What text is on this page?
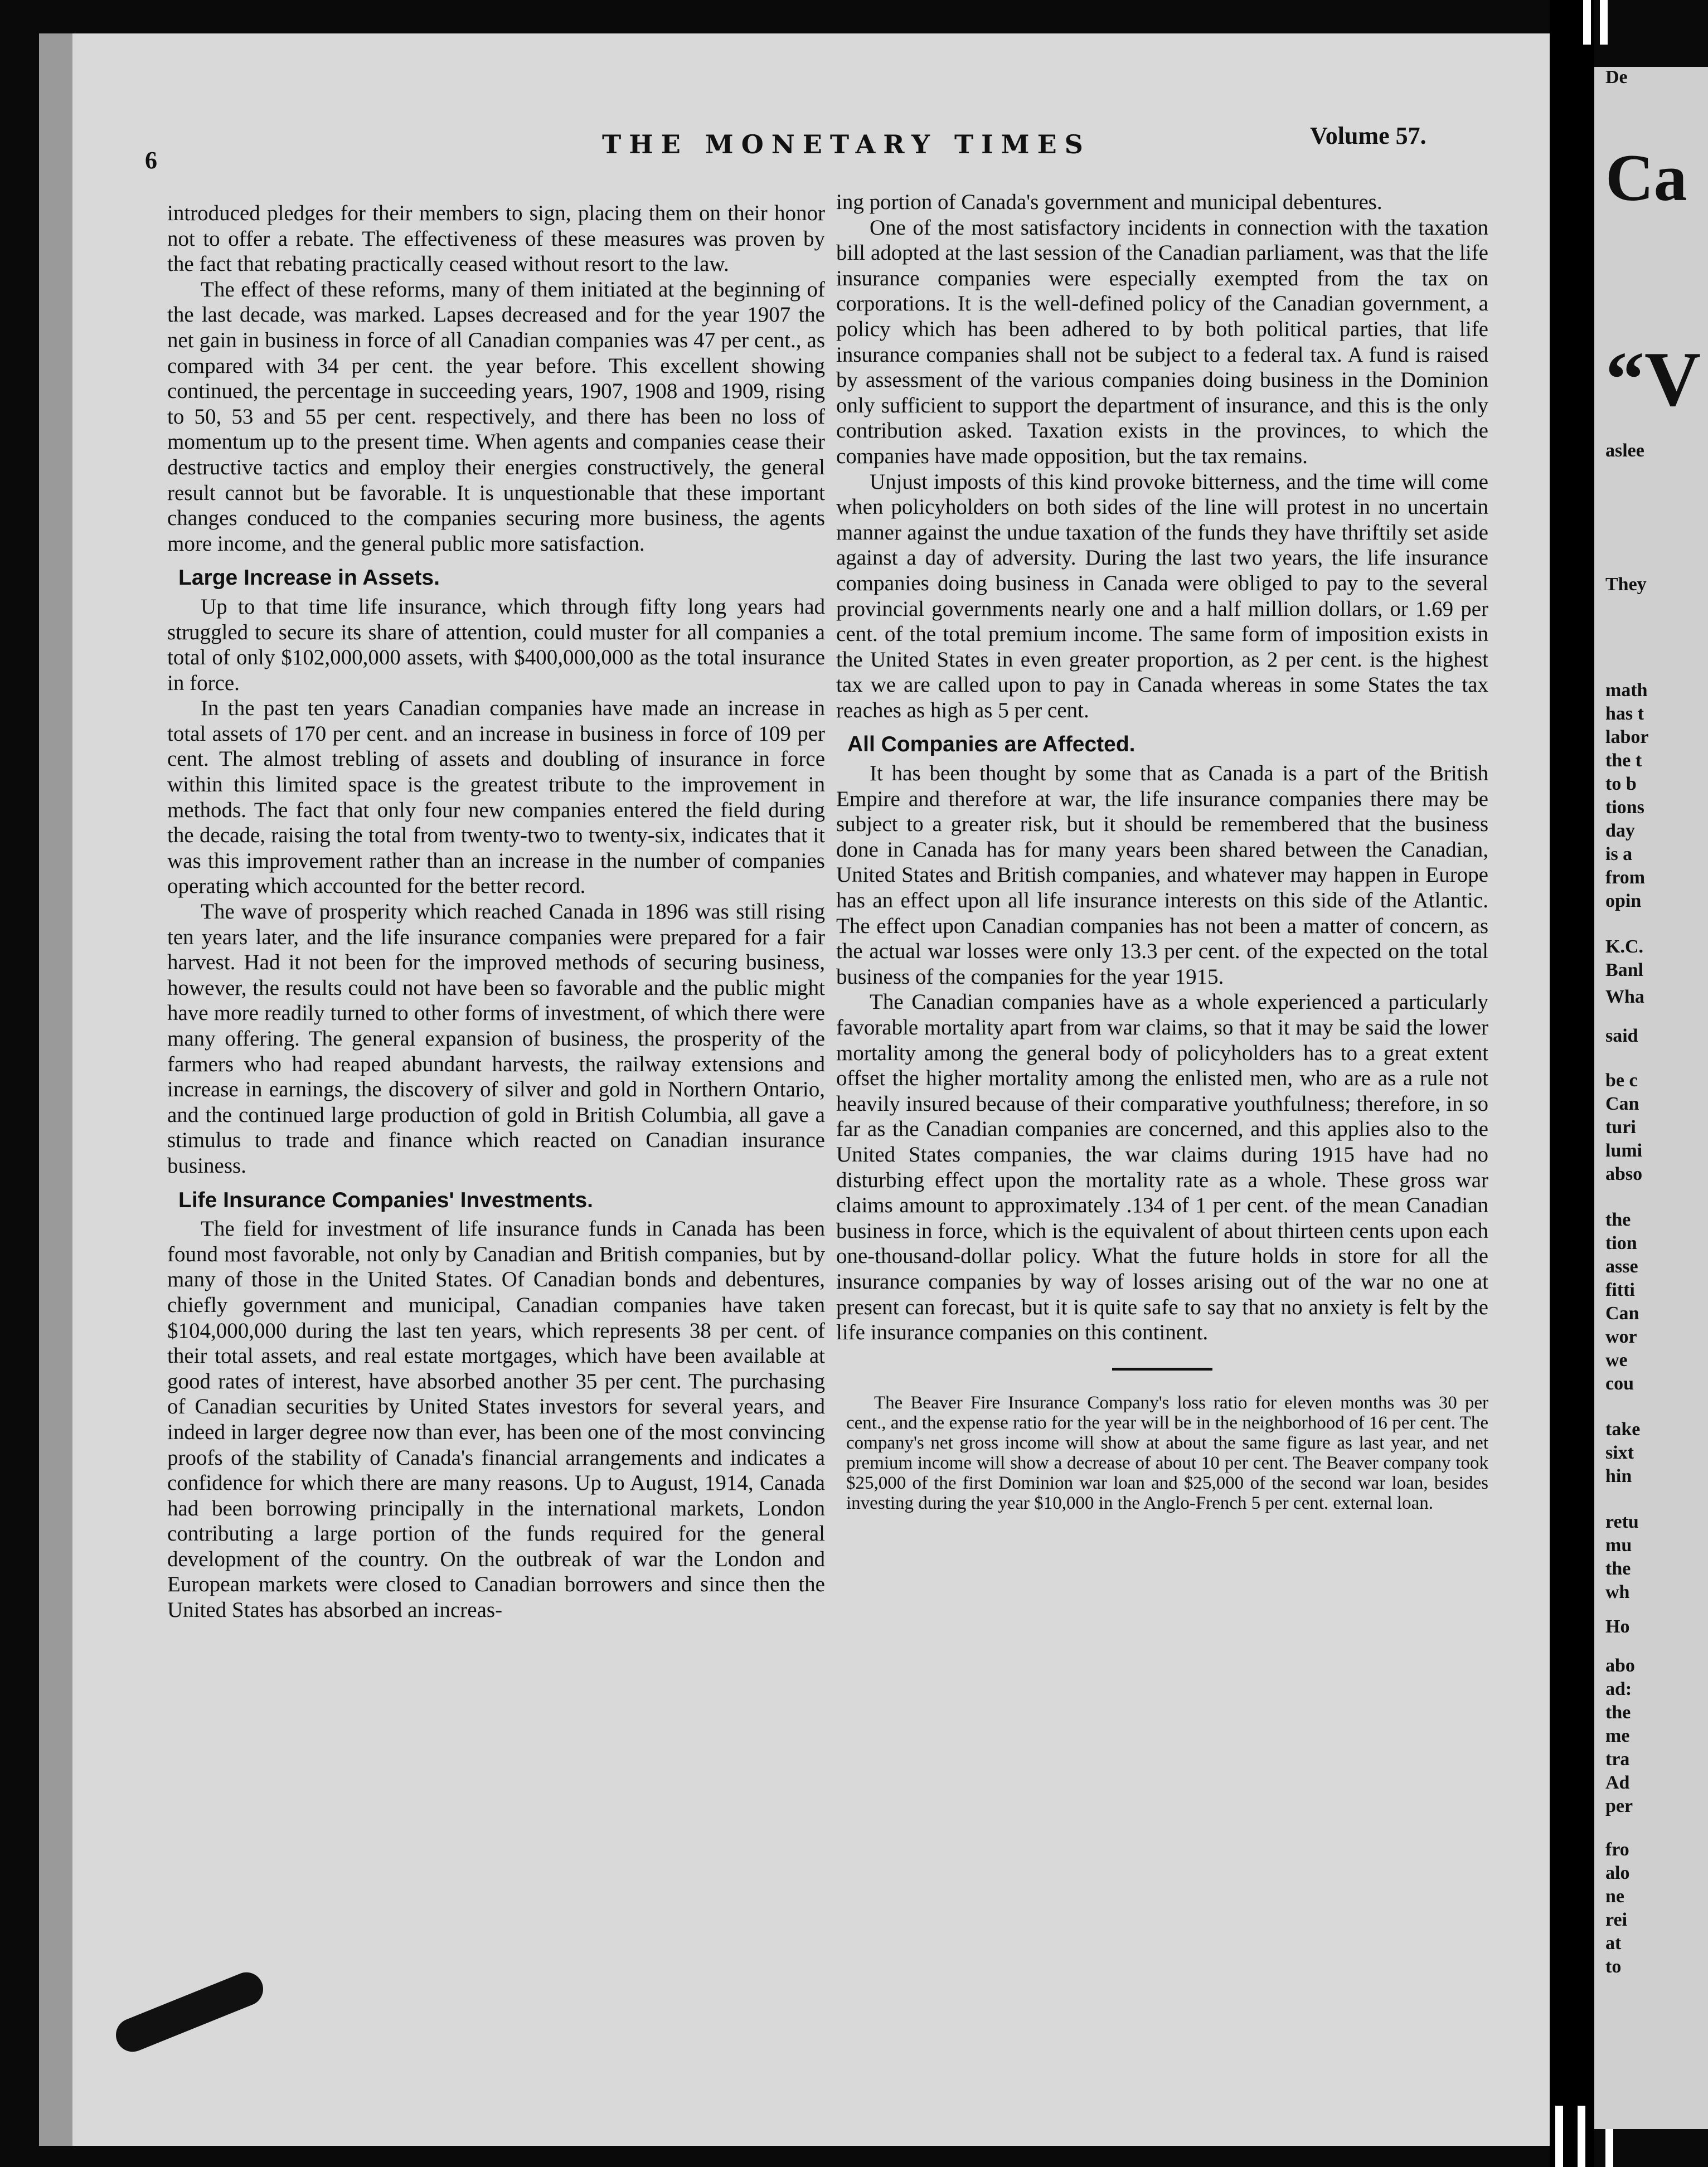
6
THE MONETARY TIMES	Volume 57.

introduced pledges for their members to sign, placing them on their honor not to offer a rebate. The effectiveness of these measures was proven by the fact that rebating practically ceased without resort to the law.

The effect of these reforms, many of them initiated at the beginning of the last decade, was marked. Lapses decreased and for the year 1907 the net gain in business in force of all Canadian companies was 47 per cent., as compared with 34 per cent. the year before. This excellent showing continued, the percentage in succeeding years, 1907, 1908 and 1909, rising to 50, 53 and 55 per cent. respectively, and there has been no loss of momentum up to the present time. When agents and companies cease their destructive tactics and employ their energies constructively, the general result cannot but be favorable. It is unquestionable that these important changes conduced to the companies securing more business, the agents more income, and the general public more satisfaction.

Large Increase in Assets.

Up to that time life insurance, which through fifty long years had struggled to secure its share of attention, could muster for all companies a total of only $102,000,000 assets, with $400,000,000 as the total insurance in force.

In the past ten years Canadian companies have made an increase in total assets of 170 per cent. and an increase in business in force of 109 per cent. The almost trebling of assets and doubling of insurance in force within this limited space is the greatest tribute to the improvement in methods. The fact that only four new companies entered the field during the decade, raising the total from twenty-two to twenty-six, indicates that it was this improvement rather than an increase in the number of companies operating which accounted for the better record.

The wave of prosperity which reached Canada in 1896 was still rising ten years later, and the life insurance companies were prepared for a fair harvest. Had it not been for the improved methods of securing business, however, the results could not have been so favorable and the public might have more readily turned to other forms of investment, of which there were many offering. The general expansion of business, the prosperity of the farmers who had reaped abundant harvests, the railway extensions and increase in earnings, the discovery of silver and gold in Northern Ontario, and the continued large production of gold in British Columbia, all gave a stimulus to trade and finance which reacted on Canadian insurance business.

Life Insurance Companies' Investments.

The field for investment of life insurance funds in Canada has been found most favorable, not only by Canadian and British companies, but by many of those in the United States. Of Canadian bonds and debentures, chiefly government and municipal, Canadian companies have taken $104,000,000 during the last ten years, which represents 38 per cent. of their total assets, and real estate mortgages, which have been available at good rates of interest, have absorbed another 35 per cent. The purchasing of Canadian securities by United States investors for several years, and indeed in larger degree now than ever, has been one of the most convincing proofs of the stability of Canada's financial arrangements and indicates a confidence for which there are many reasons. Up to August, 1914, Canada had been borrowing principally in the international markets, London contributing a large portion of the funds required for the general development of the country. On the outbreak of war the London and European markets were closed to Canadian borrowers and since then the United States has absorbed an increas-

ing portion of Canada's government and municipal debentures.

One of the most satisfactory incidents in connection with the taxation bill adopted at the last session of the Canadian parliament, was that the life insurance companies were especially exempted from the tax on corporations. It is the well-defined policy of the Canadian government, a policy which has been adhered to by both political parties, that life insurance companies shall not be subject to a federal tax. A fund is raised by assessment of the various companies doing business in the Dominion only sufficient to support the department of insurance, and this is the only contribution asked. Taxation exists in the provinces, to which the companies have made opposition, but the tax remains.

Unjust imposts of this kind provoke bitterness, and the time will come when policyholders on both sides of the line will protest in no uncertain manner against the undue taxation of the funds they have thriftily set aside against a day of adversity. During the last two years, the life insurance companies doing business in Canada were obliged to pay to the several provincial governments nearly one and a half million dollars, or 1.69 per cent. of the total premium income. The same form of imposition exists in the United States in even greater proportion, as 2 per cent. is the highest tax we are called upon to pay in Canada whereas in some States the tax reaches as high as 5 per cent.

All Companies are Affected.

It has been thought by some that as Canada is a part of the British Empire and therefore at war, the life insurance companies there may be subject to a greater risk, but it should be remembered that the business done in Canada has for many years been shared between the Canadian, United States and British companies, and whatever may happen in Europe has an effect upon all life insurance interests on this side of the Atlantic. The effect upon Canadian companies has not been a matter of concern, as the actual war losses were only 13.3 per cent. of the expected on the total business of the companies for the year 1915.

The Canadian companies have as a whole experienced a particularly favorable mortality apart from war claims, so that it may be said the lower mortality among the general body of policyholders has to a great extent offset the higher mortality among the enlisted men, who are as a rule not heavily insured because of their comparative youthfulness; therefore, in so far as the Canadian companies are concerned, and this applies also to the United States companies, the war claims during 1915 have had no disturbing effect upon the mortality rate as a whole. These gross war claims amount to approximately .134 of 1 per cent. of the mean Canadian business in force, which is the equivalent of about thirteen cents upon each one-thousand-dollar policy. What the future holds in store for all the insurance companies by way of losses arising out of the war no one at present can forecast, but it is quite safe to say that no anxiety is felt by the life insurance companies on this continent.

The Beaver Fire Insurance Company's loss ratio for eleven months was 30 per cent., and the expense ratio for the year will be in the neighborhood of 16 per cent. The company's net gross income will show at about the same figure as last year, and net premium income will show a decrease of about 10 per cent. The Beaver company took $25,000 of the first Dominion war loan and $25,000 of the second war loan, besides investing during the year $10,000 in the Anglo-French 5 per cent. external loan.

De
Ca
“V
aslee
They
math
has t
labor
the t
to b
tions
day
is a
from
opin
K.C.
Banl
Wha
said
be c
Can
turi
lumi
abso
the
tion
asse
fitti
Can
wor
we
cou
take
sixt
hin
retu
mu
the
wh
Ho
abo
ad:
the
me
tra
Ad
per
fro
alo
ne
rei
at
to
